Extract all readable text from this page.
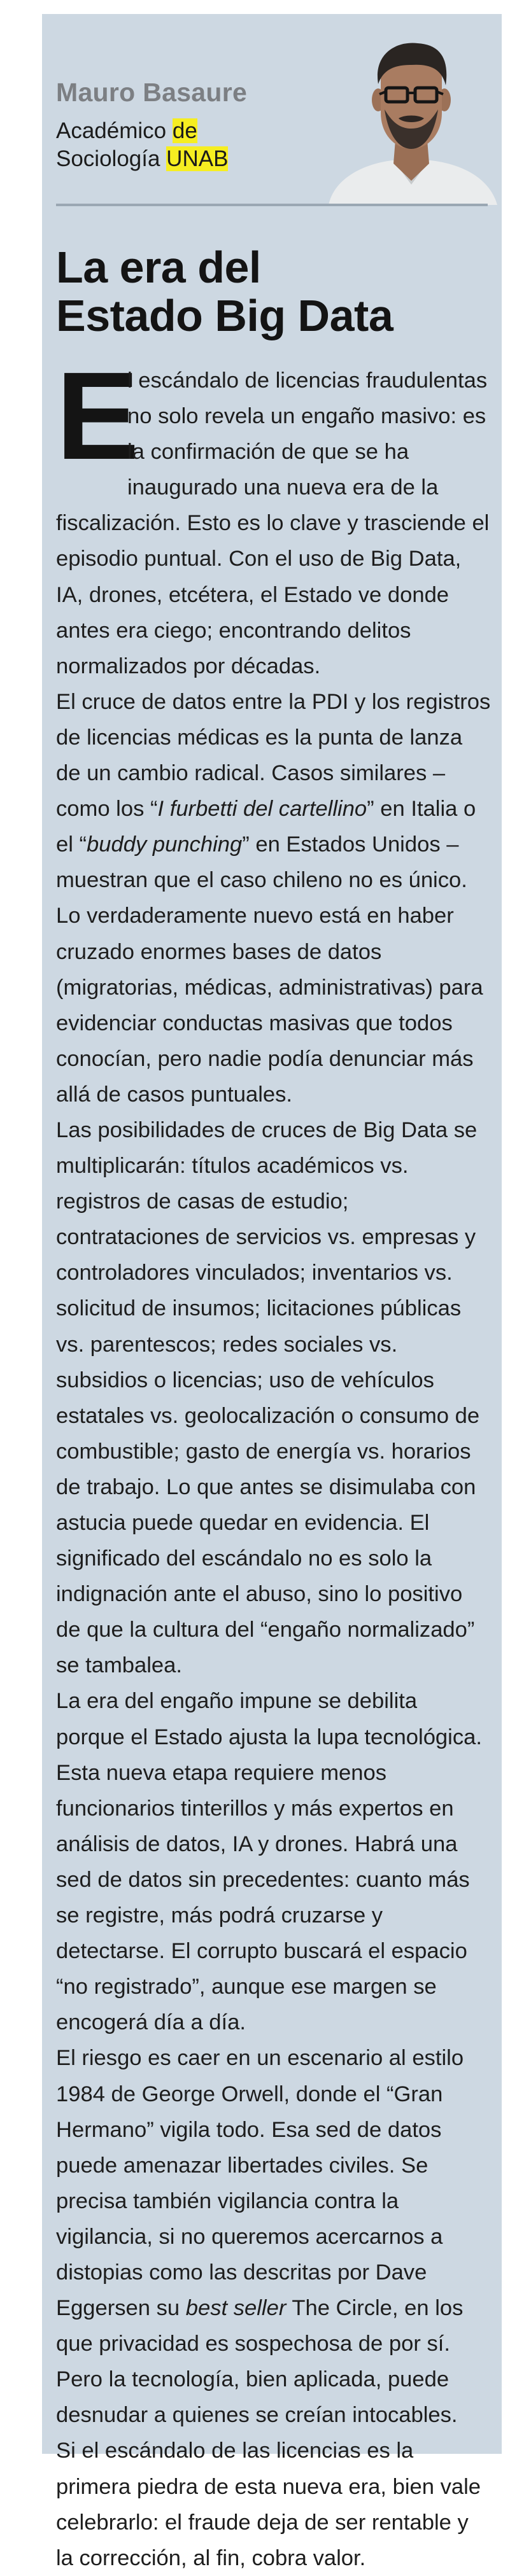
Mauro Basaure
Académico de
Sociología UNAB
La era del
Estado Big Data

E
l escándalo de licencias fraudulentas no solo revela un engaño masivo: es la confirmación de que se ha inaugurado una nueva era de la fiscalización. Esto es lo clave y trasciende el episodio puntual. Con el uso de Big Data, IA, drones, etcétera, el Estado ve donde antes era ciego; encontrando delitos normalizados por décadas.

El cruce de datos entre la PDI y los registros de licencias médicas es la punta de lanza de un cambio radical. Casos similares – como los “I furbetti del cartellino” en Italia o el “buddy punching” en Estados Unidos – muestran que el caso chileno no es único. Lo verdaderamente nuevo está en haber cruzado enormes bases de datos (migratorias, médicas, administrativas) para evidenciar conductas masivas que todos conocían, pero nadie podía denunciar más allá de casos puntuales.

Las posibilidades de cruces de Big Data se multiplicarán: títulos académicos vs. registros de casas de estudio; contrataciones de servicios vs. empresas y controladores vinculados; inventarios vs. solicitud de insumos; licitaciones públicas vs. parentescos; redes sociales vs. subsidios o licencias; uso de vehículos estatales vs. geolocalización o consumo de combustible; gasto de energía vs. horarios de trabajo. Lo que antes se disimulaba con astucia puede quedar en evidencia. El significado del escándalo no es solo la indignación ante el abuso, sino lo positivo de que la cultura del “engaño normalizado” se tambalea.

La era del engaño impune se debilita porque el Estado ajusta la lupa tecnológica. Esta nueva etapa requiere menos funcionarios tinterillos y más expertos en análisis de datos, IA y drones. Habrá una sed de datos sin precedentes: cuanto más se registre, más podrá cruzarse y detectarse. El corrupto buscará el espacio “no registrado”, aunque ese margen se encogerá día a día.

El riesgo es caer en un escenario al estilo 1984 de George Orwell, donde el “Gran Hermano” vigila todo. Esa sed de datos puede amenazar libertades civiles. Se precisa también vigilancia contra la vigilancia, si no queremos acercarnos a distopias como las descritas por Dave Eggersen su best seller The Circle, en los que privacidad es sospechosa de por sí. Pero la tecnología, bien aplicada, puede desnudar a quienes se creían intocables.

Si el escándalo de las licencias es la primera piedra de esta nueva era, bien vale celebrarlo: el fraude deja de ser rentable y la corrección, al fin, cobra valor.
